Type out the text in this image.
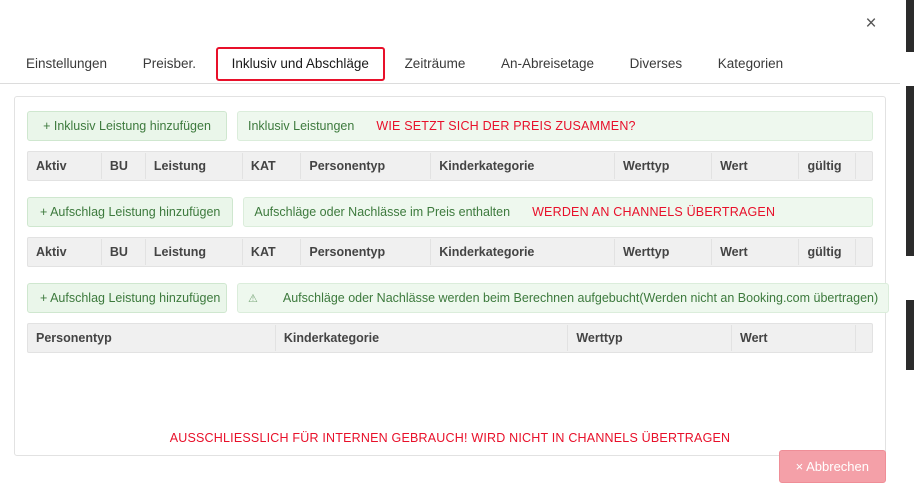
×
Einstellungen	Preisber.	Inklusiv und Abschläge	Zeiträume	An-Abreisetage	Diverses	Kategorien
+ Inklusiv Leistung hinzufügen	Inklusiv Leistungen WIE SETZT SICH DER PREIS ZUSAMMEN?
Aktiv	BU	Leistung	KAT	Personentyp	Kinderkategorie	Werttyp	Wert	gültig
+ Aufschlag Leistung hinzufügen	Aufschläge oder Nachlässe im Preis enthalten WERDEN AN CHANNELS ÜBERTRAGEN
Aktiv	BU	Leistung	KAT	Personentyp	Kinderkategorie	Werttyp	Wert	gültig
+ Aufschlag Leistung hinzufügen	⚠ Aufschläge oder Nachlässe werden beim Berechnen aufgebucht(Werden nicht an Booking.com übertragen)
Personentyp	Kinderkategorie	Werttyp	Wert
AUSSCHLIESSLICH FÜR INTERNEN GEBRAUCH! WIRD NICHT IN CHANNELS ÜBERTRAGEN
× Abbrechen
